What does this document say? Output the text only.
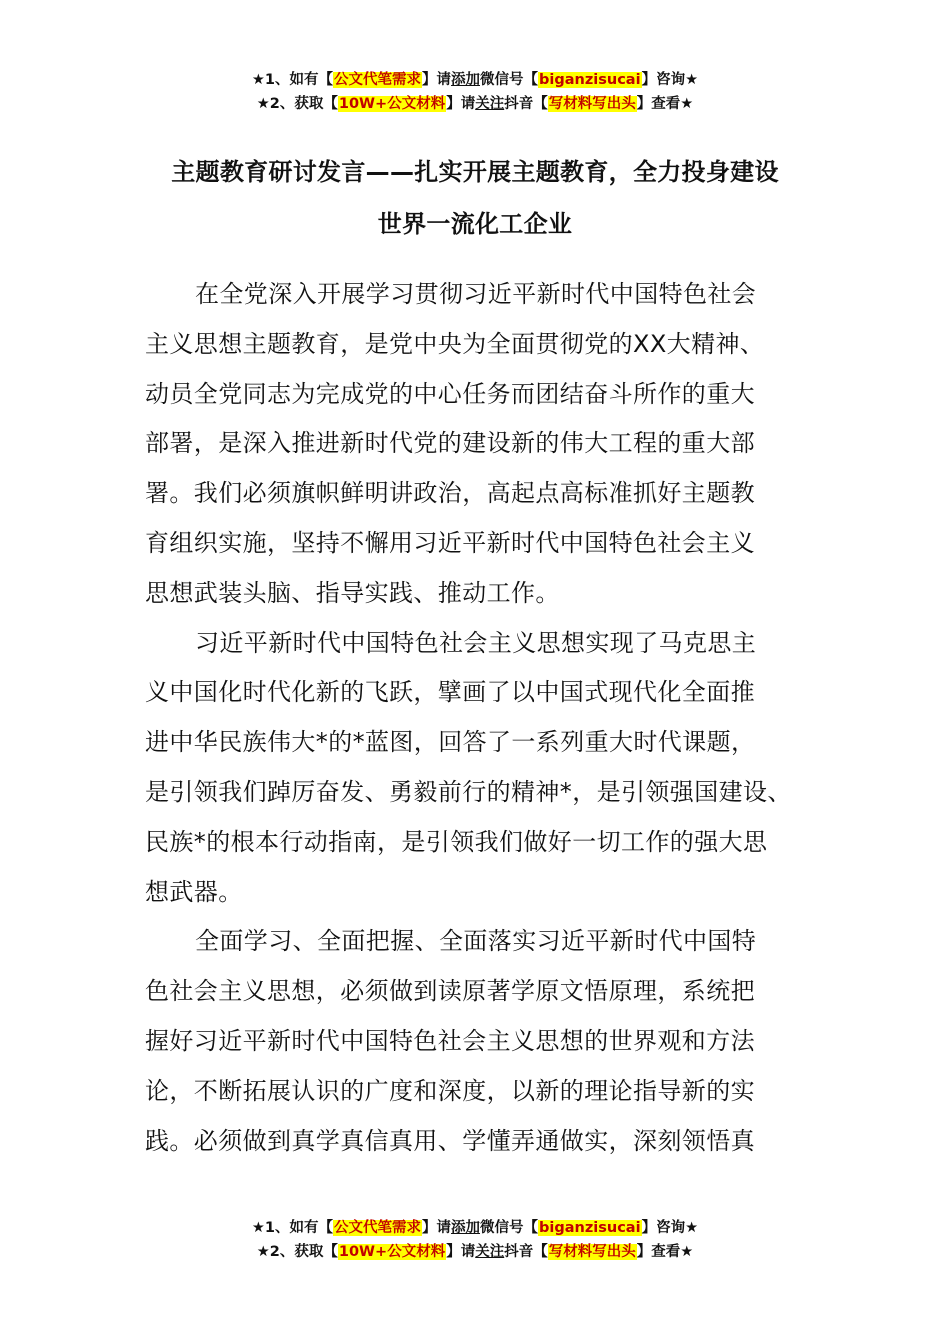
★1、如有【公文代笔需求】请添加微信号【biganzisucai】咨询★
★2、获取【10W+公文材料】请关注抖音【写材料写出头】查看★
主题教育研讨发言——扎实开展主题教育，全力投身建设
世界一流化工企业
在全党深入开展学习贯彻习近平新时代中国特色社会
主义思想主题教育，是党中央为全面贯彻党的XX大精神、
动员全党同志为完成党的中心任务而团结奋斗所作的重大
部署，是深入推进新时代党的建设新的伟大工程的重大部
署。我们必须旗帜鲜明讲政治，高起点高标准抓好主题教
育组织实施，坚持不懈用习近平新时代中国特色社会主义
思想武装头脑、指导实践、推动工作。
习近平新时代中国特色社会主义思想实现了马克思主
义中国化时代化新的飞跃，擘画了以中国式现代化全面推
进中华民族伟大*的*蓝图，回答了一系列重大时代课题，
是引领我们踔厉奋发、勇毅前行的精神*，是引领强国建设、
民族*的根本行动指南，是引领我们做好一切工作的强大思
想武器。
全面学习、全面把握、全面落实习近平新时代中国特
色社会主义思想，必须做到读原著学原文悟原理，系统把
握好习近平新时代中国特色社会主义思想的世界观和方法
论，不断拓展认识的广度和深度，以新的理论指导新的实
践。必须做到真学真信真用、学懂弄通做实，深刻领悟真
★1、如有【公文代笔需求】请添加微信号【biganzisucai】咨询★
★2、获取【10W+公文材料】请关注抖音【写材料写出头】查看★
